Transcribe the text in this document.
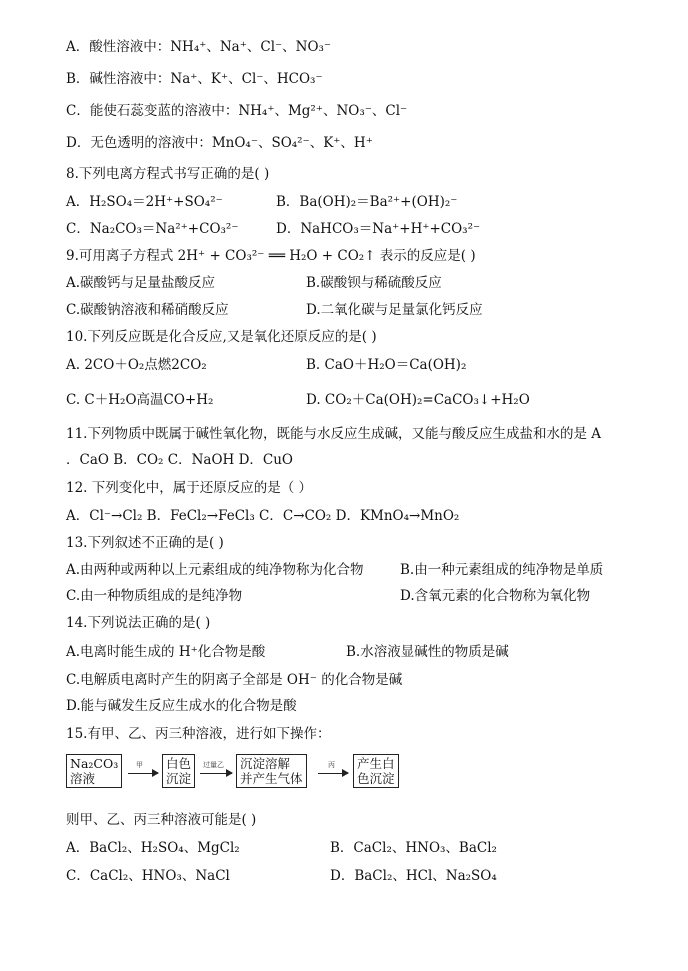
A．酸性溶液中：NH₄⁺、Na⁺、Cl⁻、NO₃⁻
B．碱性溶液中：Na⁺、K⁺、Cl⁻、HCO₃⁻
C．能使石蕊变蓝的溶液中：NH₄⁺、Mg²⁺、NO₃⁻、Cl⁻
D．无色透明的溶液中：MnO₄⁻、SO₄²⁻、K⁺、H⁺
8.下列电离方程式书写正确的是( )
A．H₂SO₄＝2H⁺+SO₄²⁻	B．Ba(OH)₂＝Ba²⁺+(OH)₂⁻
C．Na₂CO₃＝Na²⁺+CO₃²⁻	D．NaHCO₃＝Na⁺+H⁺+CO₃²⁻
9.可用离子方程式 2H⁺ + CO₃²⁻ ══ H₂O + CO₂↑ 表示的反应是( )
A.碳酸钙与足量盐酸反应	B.碳酸钡与稀硫酸反应
C.碳酸钠溶液和稀硝酸反应	D.二氧化碳与足量氯化钙反应
10.下列反应既是化合反应,又是氧化还原反应的是( )
A. 2CO＋O₂点燃2CO₂	B. CaO＋H₂O＝Ca(OH)₂
C. C＋H₂O高温CO+H₂	D. CO₂＋Ca(OH)₂=CaCO₃↓+H₂O
11.下列物质中既属于碱性氧化物，既能与水反应生成碱，又能与酸反应生成盐和水的是 A
．CaO B．CO₂ C．NaOH D．CuO
12. 下列变化中，属于还原反应的是（ ）
A．Cl⁻→Cl₂ B．FeCl₂→FeCl₃ C．C→CO₂ D．KMnO₄→MnO₂
13.下列叙述不正确的是( )
A.由两种或两种以上元素组成的纯净物称为化合物	B.由一种元素组成的纯净物是单质
C.由一种物质组成的是纯净物	D.含氧元素的化合物称为氧化物
14.下列说法正确的是( )
A.电离时能生成的 H⁺化合物是酸	B.水溶液显碱性的物质是碱
C.电解质电离时产生的阴离子全部是 OH⁻ 的化合物是碱
D.能与碱发生反应生成水的化合物是酸
15.有甲、乙、丙三种溶液，进行如下操作：
Na₂CO₃
溶液
甲 白色
沉淀
过量乙 沉淀溶解
并产生气体
丙 产生白
色沉淀
则甲、乙、丙三种溶液可能是( )
A．BaCl₂、H₂SO₄、MgCl₂	B．CaCl₂、HNO₃、BaCl₂
C．CaCl₂、HNO₃、NaCl	D．BaCl₂、HCl、Na₂SO₄
